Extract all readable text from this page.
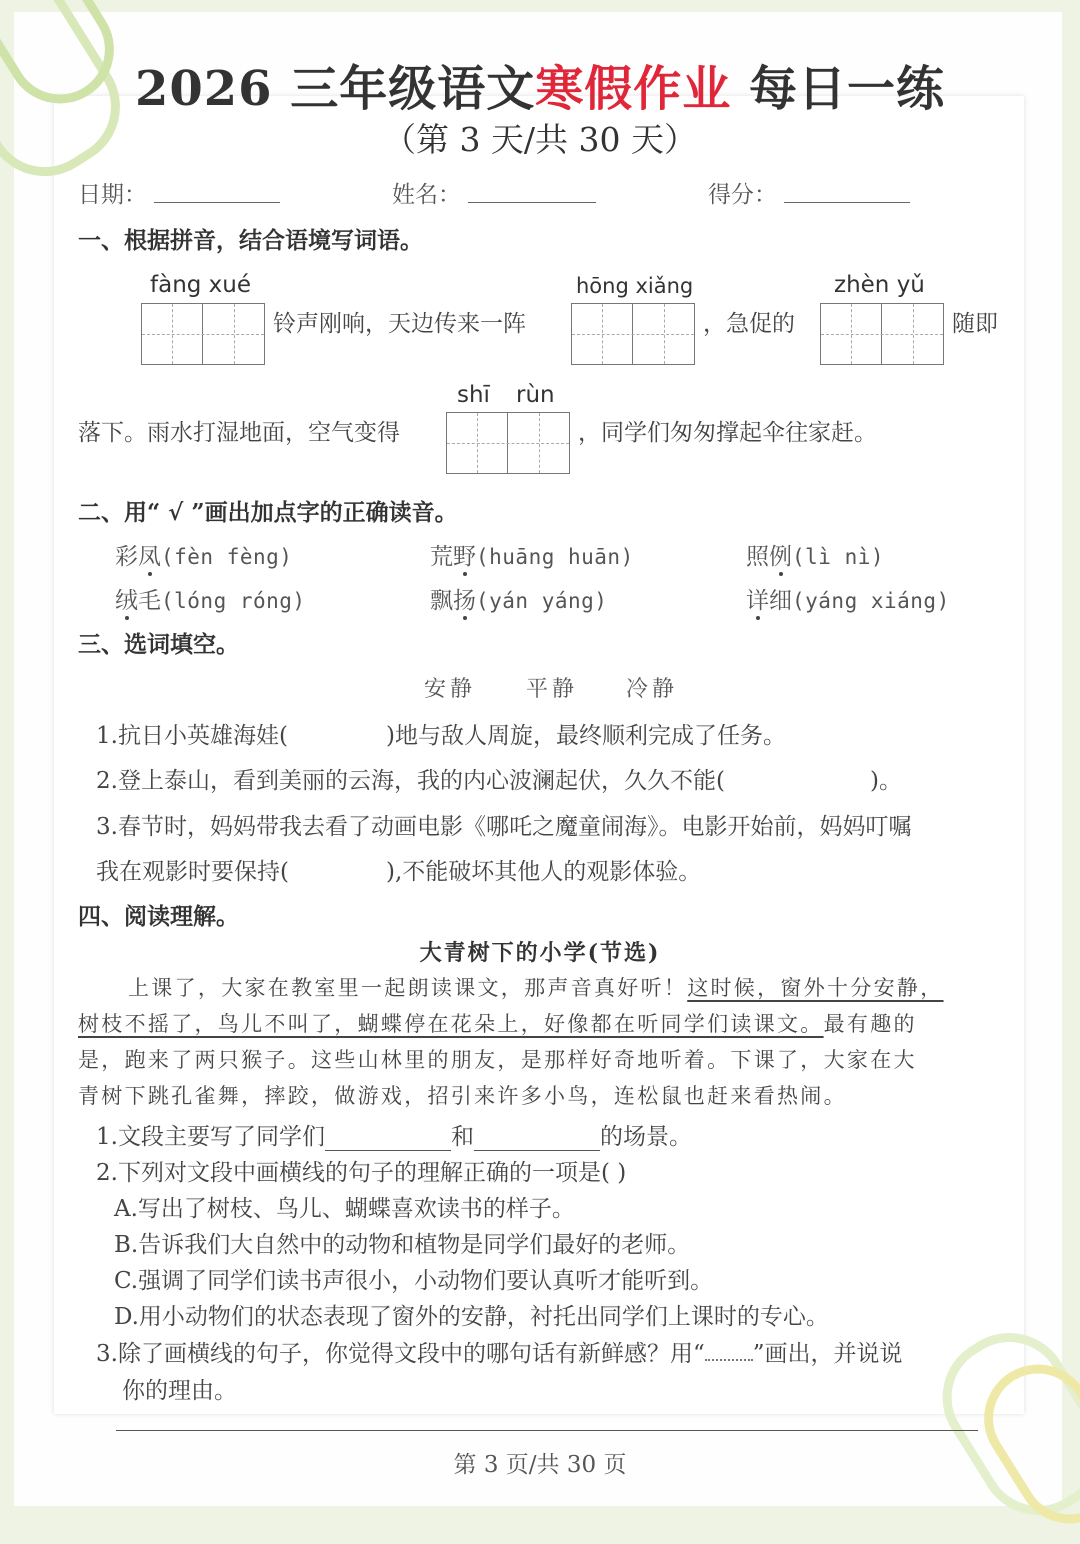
2026 三年级语文寒假作业 每日一练
（第 3 天/共 30 天）
日期：	姓名：	得分：
一、根据拼音，结合语境写词语。
fàng xué
铃声刚响，天边传来一阵
hōng xiǎng
，急促的
zhèn yǔ
随即
shī rùn
落下。雨水打湿地面，空气变得	，同学们匆匆撑起伞往家赶。
二、用“ √ ”画出加点字的正确读音。
彩凤(fèn fèng)	荒野(huāng huān)	照例(lì nì)
绒毛(lóng róng)	飘扬(yán yáng)	详细(yáng xiáng)
三、选词填空。
安静 平静 冷静
1.抗日小英雄海娃(	)地与敌人周旋，最终顺利完成了任务。
2.登上泰山，看到美丽的云海，我的内心波澜起伏，久久不能(	)。
3.春节时，妈妈带我去看了动画电影《哪吒之魔童闹海》。电影开始前，妈妈叮嘱
我在观影时要保持(	),不能破坏其他人的观影体验。
四、阅读理解。
大青树下的小学(节选)
上课了，大家在教室里一起朗读课文，那声音真好听！这时候，窗外十分安静，
树枝不摇了，鸟儿不叫了，蝴蝶停在花朵上，好像都在听同学们读课文。最有趣的
是，跑来了两只猴子。这些山林里的朋友，是那样好奇地听着。下课了，大家在大
青树下跳孔雀舞，摔跤，做游戏，招引来许多小鸟，连松鼠也赶来看热闹。
1.文段主要写了同学们	和	的场景。
2.下列对文段中画横线的句子的理解正确的一项是( )
A.写出了树枝、鸟儿、蝴蝶喜欢读书的样子。
B.告诉我们大自然中的动物和植物是同学们最好的老师。
C.强调了同学们读书声很小，小动物们要认真听才能听到。
D.用小动物们的状态表现了窗外的安静，衬托出同学们上课时的专心。
3.除了画横线的句子，你觉得文段中的哪句话有新鲜感？用“ ”画出，并说说
你的理由。
第 3 页/共 30 页
